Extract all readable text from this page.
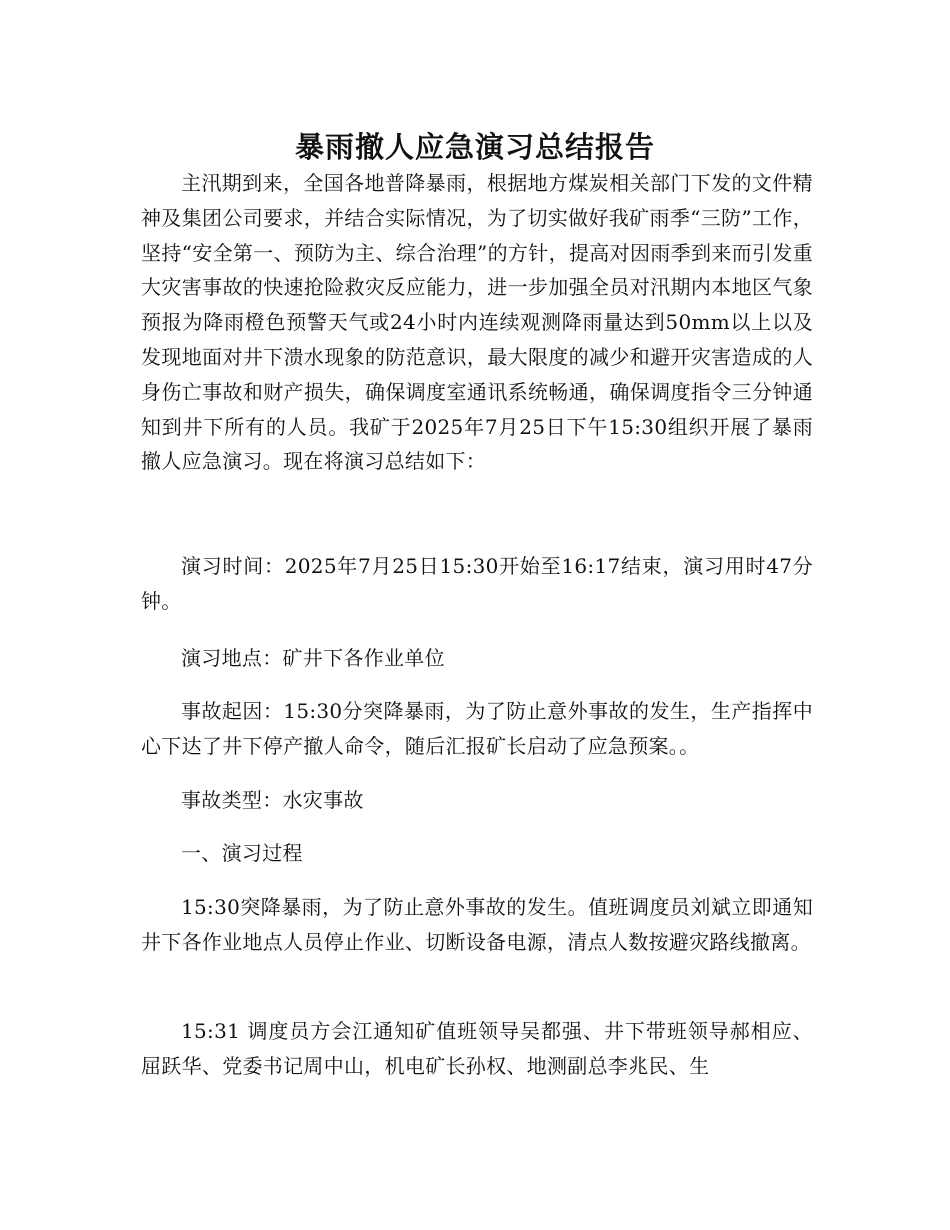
暴雨撤人应急演习总结报告

主汛期到来，全国各地普降暴雨，根据地方煤炭相关部门下发的文件精神及集团公司要求，并结合实际情况，为了切实做好我矿雨季“三防”工作，坚持“安全第一、预防为主、综合治理”的方针，提高对因雨季到来而引发重大灾害事故的快速抢险救灾反应能力，进一步加强全员对汛期内本地区气象预报为降雨橙色预警天气或24小时内连续观测降雨量达到50mm以上以及发现地面对井下溃水现象的防范意识，最大限度的减少和避开灾害造成的人身伤亡事故和财产损失，确保调度室通讯系统畅通，确保调度指令三分钟通知到井下所有的人员。我矿于2025年7月25日下午15:30组织开展了暴雨撤人应急演习。现在将演习总结如下：

演习时间：2025年7月25日15:30开始至16:17结束，演习用时47分钟。

演习地点：矿井下各作业单位

事故起因：15:30分突降暴雨，为了防止意外事故的发生，生产指挥中心下达了井下停产撤人命令，随后汇报矿长启动了应急预案。。

事故类型：水灾事故

一、演习过程

15:30突降暴雨，为了防止意外事故的发生。值班调度员刘斌立即通知井下各作业地点人员停止作业、切断设备电源，清点人数按避灾路线撤离。

15:31 调度员方会江通知矿值班领导吴都强、井下带班领导郝相应、屈跃华、党委书记周中山，机电矿长孙权、地测副总李兆民、生
